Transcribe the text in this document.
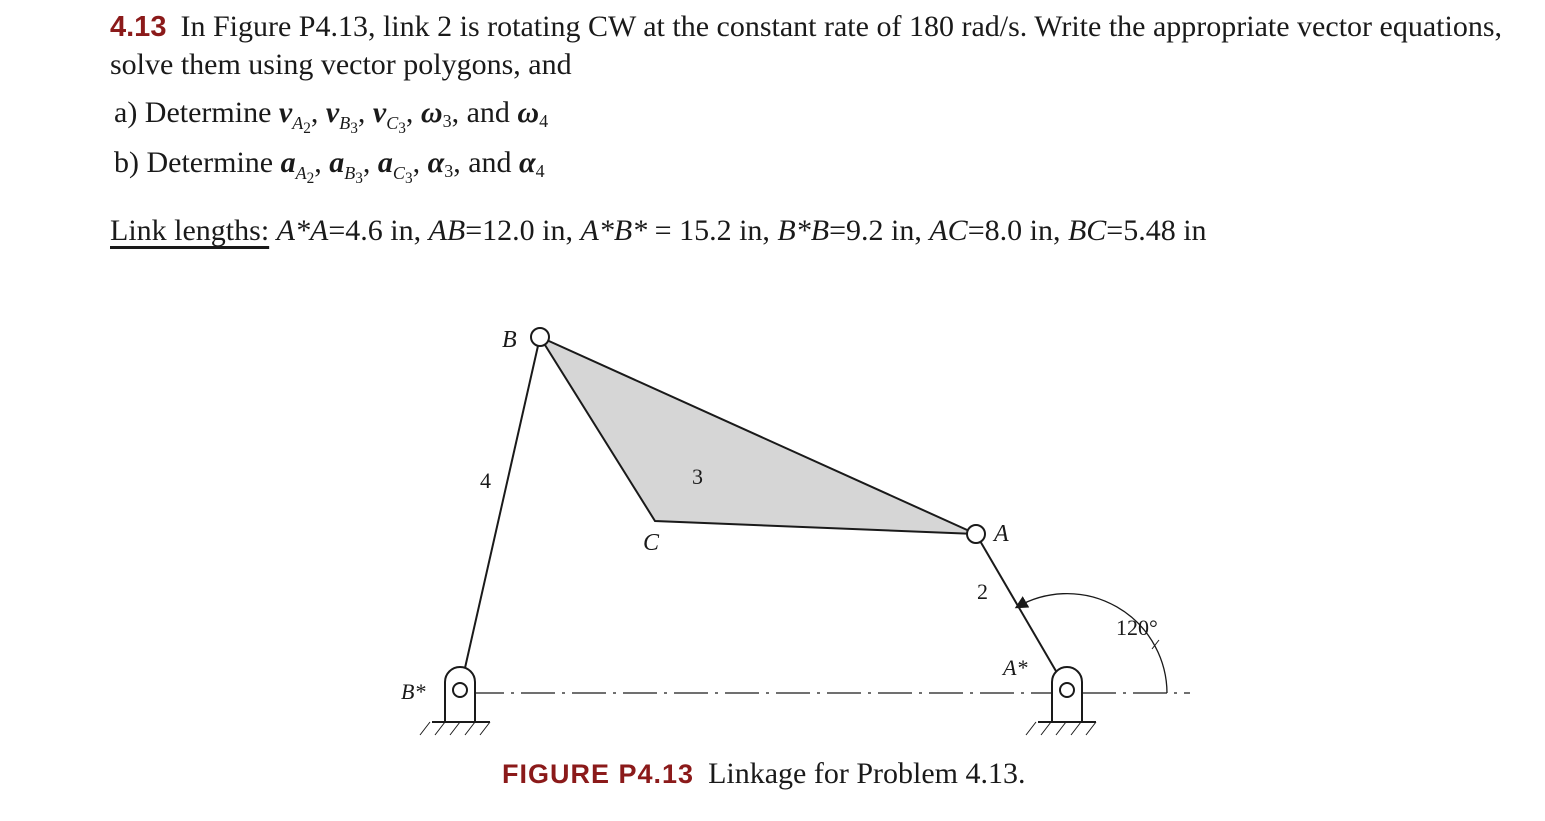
4.13 In Figure P4.13, link 2 is rotating CW at the constant rate of 180 rad/s. Write the appropriate vector equations, solve them using vector polygons, and
a) Determine $v_{A_2}$, $v_{B_3}$, $v_{C_3}$, $\omega_3$, and $\omega_4$
b) Determine $a_{A_2}$, $a_{B_3}$, $a_{C_3}$, $\alpha_3$, and $\alpha_4$
Link lengths: A*A=4.6 in, AB=12.0 in, A*B* = 15.2 in, B*B=9.2 in, AC=8.0 in, BC=5.48 in
B
4	3
C	A
2
120°
A*
B*
FIGURE P4.13 Linkage for Problem 4.13.
